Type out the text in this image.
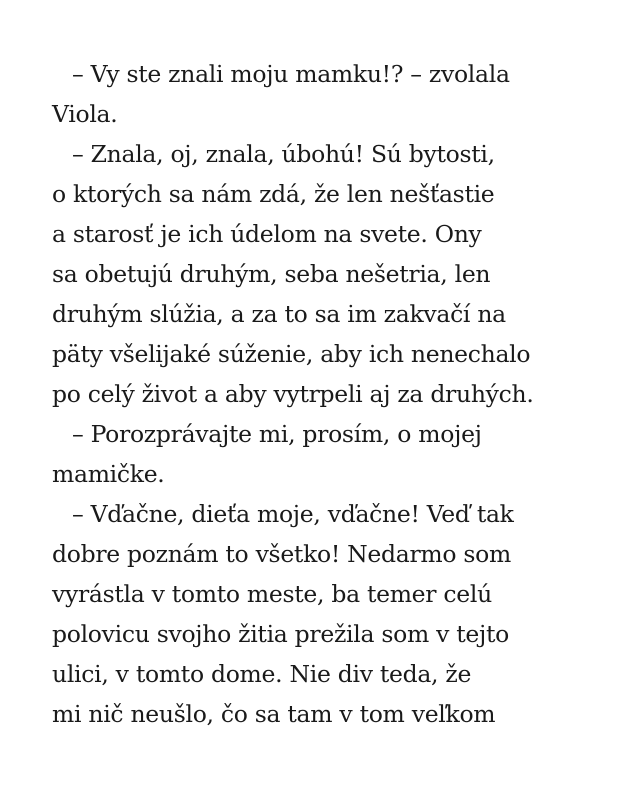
– Vy ste znali moju mamku!? – zvolala
Viola.
– Znala, oj, znala, úbohú! Sú bytosti,
o ktorých sa nám zdá, že len nešťastie
a starosť je ich údelom na svete. Ony
sa obetujú druhým, seba nešetria, len
druhým slúžia, a za to sa im zakvačí na
päty všelijaké súženie, aby ich nenechalo
po celý život a aby vytrpeli aj za druhých.
– Porozprávajte mi, prosím, o mojej
mamičke.
– Vďačne, dieťa moje, vďačne! Veď tak
dobre poznám to všetko! Nedarmo som
vyrástla v tomto meste, ba temer celú
polovicu svojho žitia prežila som v tejto
ulici, v tomto dome. Nie div teda, že
mi nič neušlo, čo sa tam v tom veľkom
